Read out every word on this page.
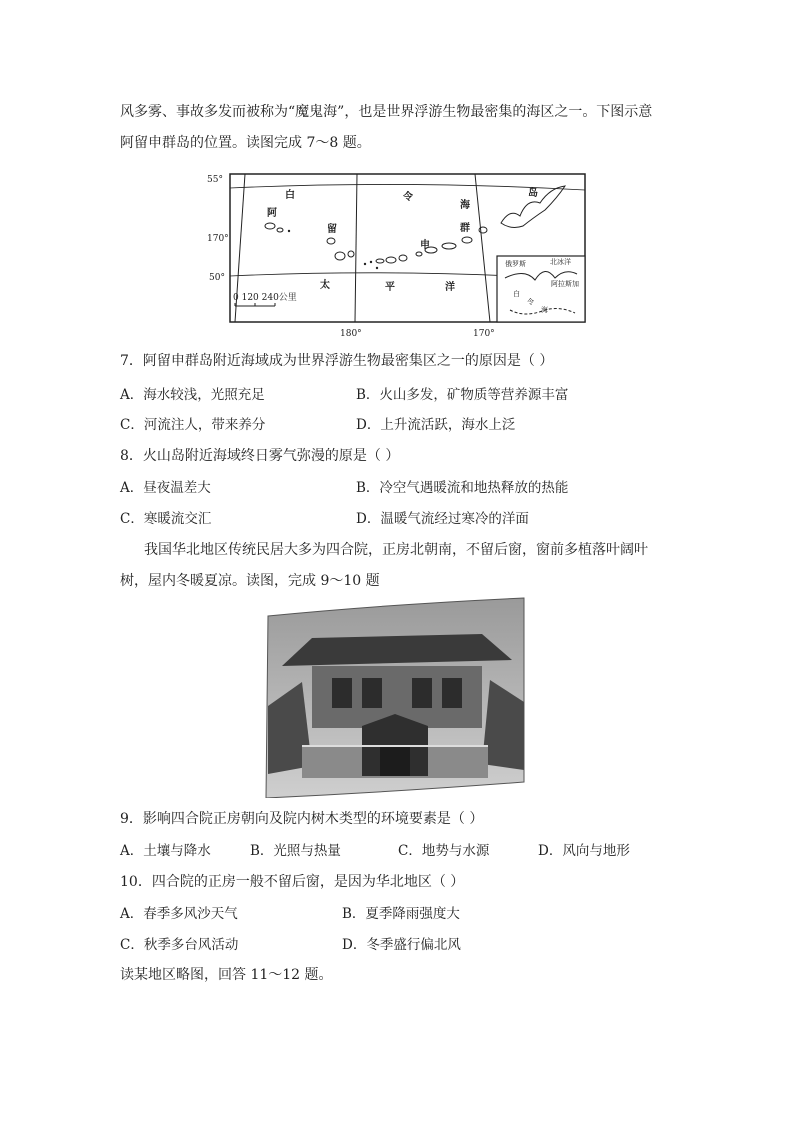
风多雾、事故多发而被称为“魔鬼海”，也是世界浮游生物最密集的海区之一。下图示意
阿留申群岛的位置。读图完成 7～8 题。
55°
170°
50°
180°	170°
白	令
海
阿
留
申
群
岛
太	平	洋
0 120 240公里
俄罗斯	北冰洋
阿拉斯加
白
令
海
7．阿留申群岛附近海域成为世界浮游生物最密集区之一的原因是（ ）
A．海水较浅，光照充足	B．火山多发，矿物质等营养源丰富
C．河流注人，带来养分	D．上升流活跃，海水上泛
8．火山岛附近海域终日雾气弥漫的原是（ ）
A．昼夜温差大	B．冷空气遇暖流和地热释放的热能
C．寒暖流交汇	D．温暖气流经过寒冷的洋面
我国华北地区传统民居大多为四合院，正房北朝南，不留后窗，窗前多植落叶阔叶
树，屋内冬暖夏凉。读图，完成 9～10 题
9．影响四合院正房朝向及院内树木类型的环境要素是（ ）
A．土壤与降水	B．光照与热量	C．地势与水源	D．风向与地形
10．四合院的正房一般不留后窗，是因为华北地区（ ）
A．春季多风沙天气	B．夏季降雨强度大
C．秋季多台风活动	D．冬季盛行偏北风
读某地区略图，回答 11～12 题。
